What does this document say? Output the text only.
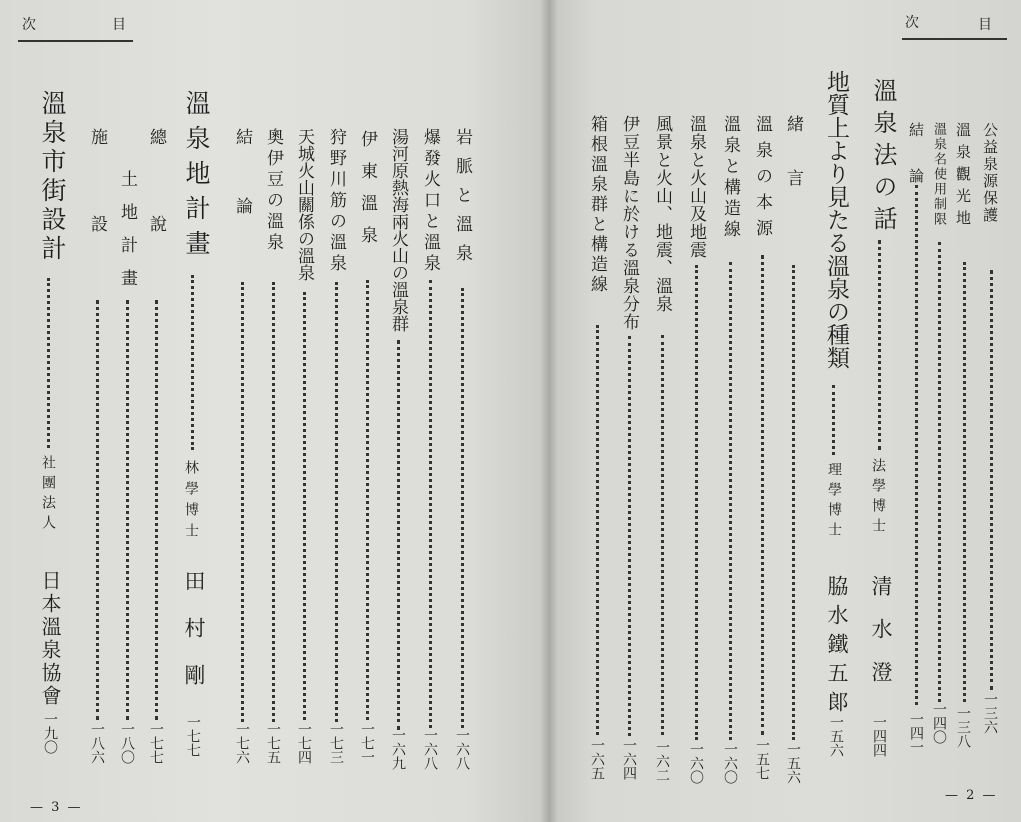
次	目	次	目
— 3 —
— 2 —
公益泉源保護
一三六
溫泉觀光地
一三八
溫泉名使用制限
一四〇
結　論
一四一
溫泉法の話
法學博士
清水澄
一四四
地質上より見たる溫泉の種類
理學博士
脇水鐵五郞
一五六
緒　言
一五六
溫泉の本源
一五七
溫泉と構造線
一六〇
溫泉と火山及地震
一六〇
風景と火山、地震、溫泉
一六二
伊豆半島に於ける溫泉分布
一六四
箱根溫泉群と構造線
一六五
岩脈と溫泉
一六八
爆發火口と溫泉
一六八
湯河原熱海兩火山の溫泉群
一六九
伊　東　溫　泉
一七一
狩野川筋の溫泉
一七三
天城火山關係の溫泉
一七四
奧伊豆の溫泉
一七五
結　　論
一七六
溫泉地計畫
林學博士
田村剛
一七七
總　　說
一七七
土地計畫
一八〇
施　　設
一八六
溫泉市街設計
社團法人
日本溫泉協會
一九〇
